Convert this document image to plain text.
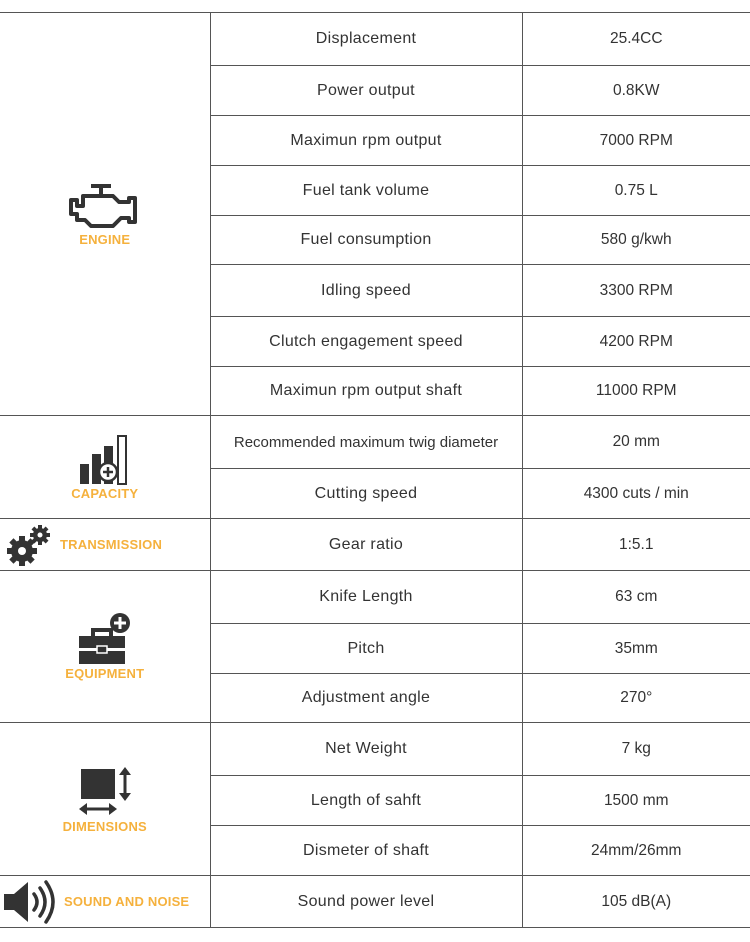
ENGINE	Displacement	25.4CC
	Power output	0.8KW
	Maximun rpm output	7000 RPM
	Fuel tank volume	0.75 L
	Fuel consumption	580 g/kwh
	Idling speed	3300 RPM
	Clutch engagement speed	4200 RPM
	Maximun rpm output shaft	11000 RPM

CAPACITY	Recommended maximum twig diameter	20 mm
	Cutting speed	4300 cuts / min

TRANSMISSION	Gear ratio	1:5.1

EQUIPMENT	Knife Length	63 cm
	Pitch	35mm
	Adjustment angle	270°

DIMENSIONS	Net Weight	7 kg
	Length of sahft	1500 mm
	Dismeter of shaft	24mm/26mm

SOUND AND NOISE	Sound power level	105 dB(A)
